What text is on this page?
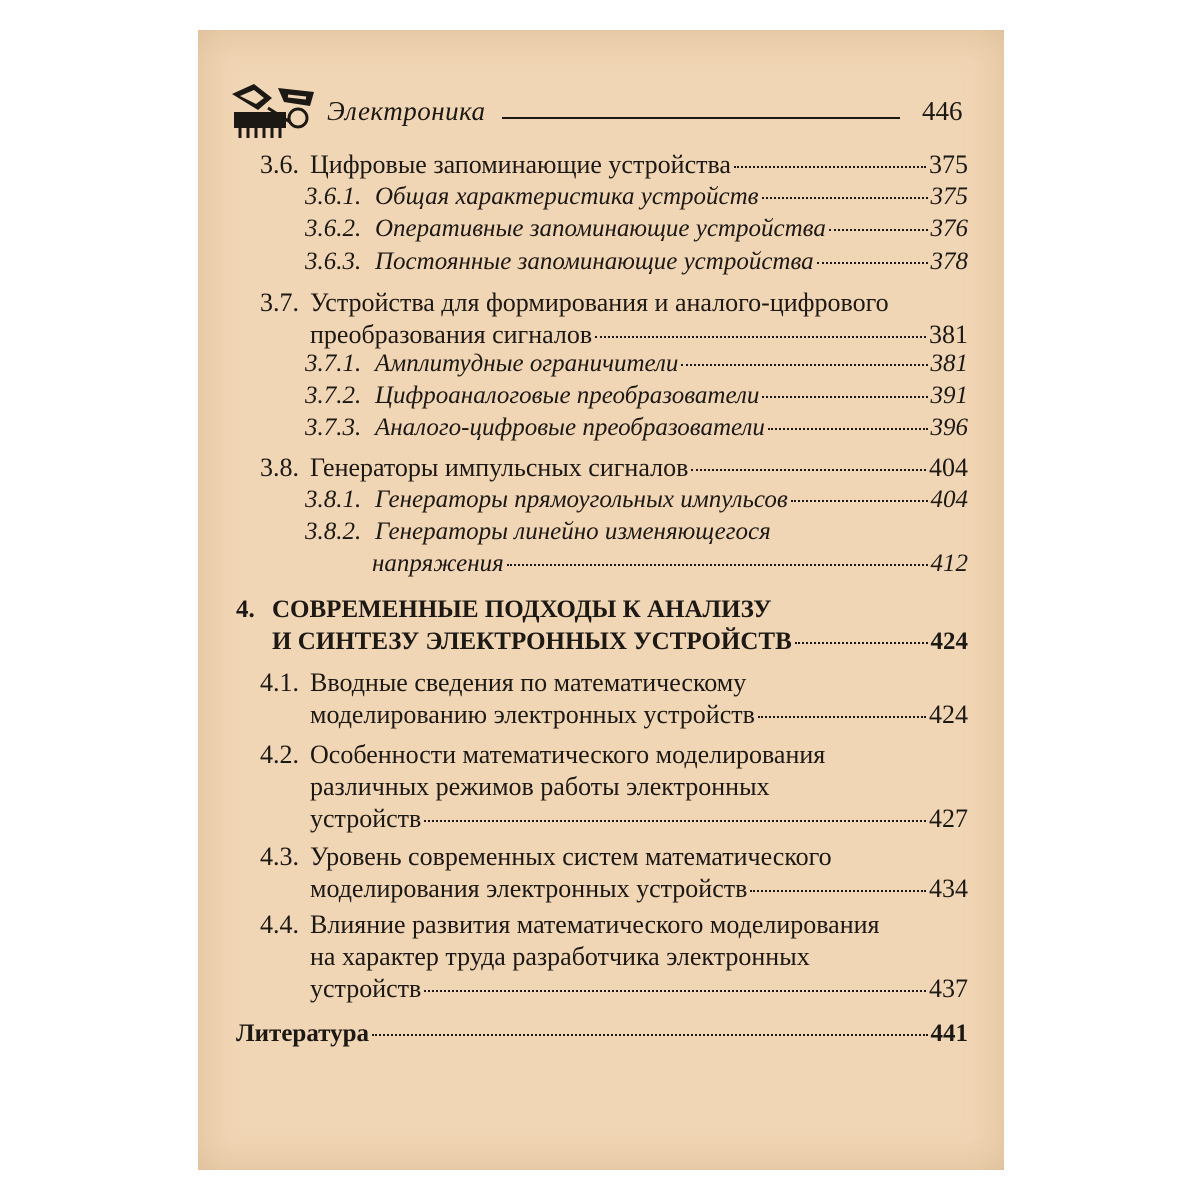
Электроника	446
3.6. Цифровые запоминающие устройства	375
3.6.1. Общая характеристика устройств	375
3.6.2. Оперативные запоминающие устройства	376
3.6.3. Постоянные запоминающие устройства	378
3.7. Устройства для формирования и аналого-цифрового
преобразования сигналов	381
3.7.1. Амплитудные ограничители	381
3.7.2. Цифроаналоговые преобразователи	391
3.7.3. Аналого-цифровые преобразователи	396
3.8. Генераторы импульсных сигналов	404
3.8.1. Генераторы прямоугольных импульсов	404
3.8.2. Генераторы линейно изменяющегося
напряжения	412
4. СОВРЕМЕННЫЕ ПОДХОДЫ К АНАЛИЗУ
И СИНТЕЗУ ЭЛЕКТРОННЫХ УСТРОЙСТВ	424
4.1. Вводные сведения по математическому
моделированию электронных устройств	424
4.2. Особенности математического моделирования
различных режимов работы электронных
устройств	427
4.3. Уровень современных систем математического
моделирования электронных устройств	434
4.4. Влияние развития математического моделирования
на характер труда разработчика электронных
устройств	437
Литература	441
